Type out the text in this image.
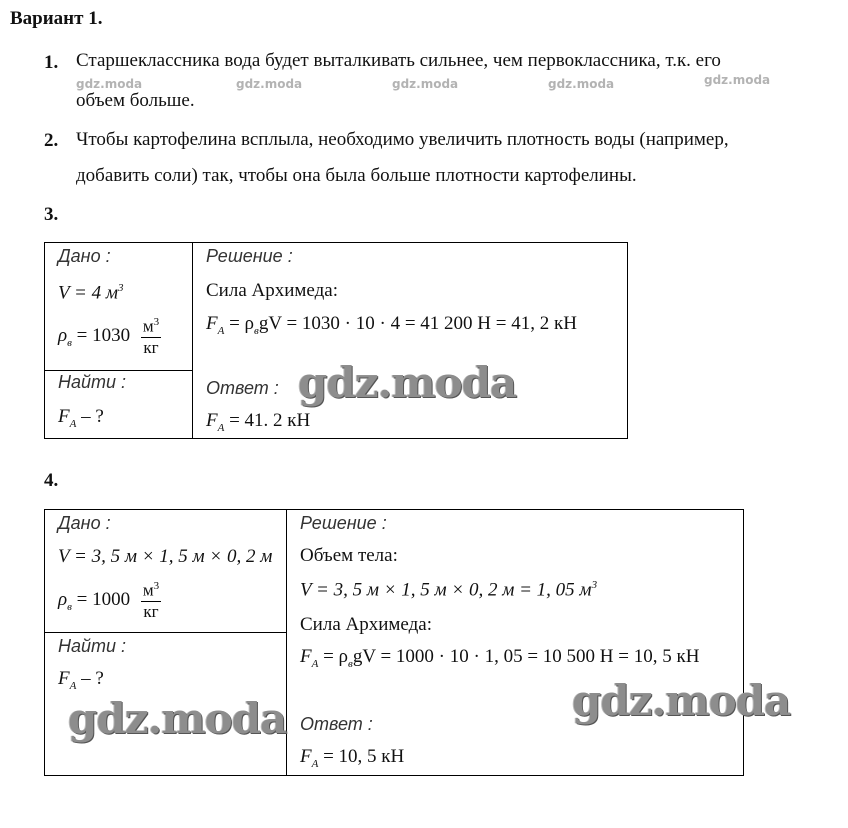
Вариант 1.
1. Старшеклассника вода будет выталкивать сильнее, чем первоклассника, т.к. его
объем больше.
gdz.moda	gdz.moda	gdz.moda	gdz.moda	gdz.moda
2. Чтобы картофелина всплыла, необходимо увеличить плотность воды (например,
добавить соли) так, чтобы она была больше плотности картофелины.
3.
Дано :
V = 4 $м^3$
$\rho_в = 1030 \frac{м^3}{кг}$
Найти :
$F_A$ – ?
Решение :
Сила Архимеда:
$F_A = \rho_вgV = 1030 \cdot 10 \cdot 4 = 41$ 200 Н = 41, 2 кН
Ответ :
$F_A = 41$. 2 кН
gdz.moda
4.
Дано :
V = 3, 5 м × 1, 5 м × 0, 2 м
$\rho_в = 1000 \frac{м^3}{кг}$
Найти :
$F_A$ – ?
gdz.moda
Решение :
Объем тела:
V = 3, 5 м × 1, 5 м × 0, 2 м = 1, 05 $м^3$
Сила Архимеда:
$F_A = \rho_вgV = 1000 \cdot 10 \cdot 1$, 05 = 10 500 Н = 10, 5 кН
Ответ :
$F_A = 10$, 5 кН
gdz.moda
